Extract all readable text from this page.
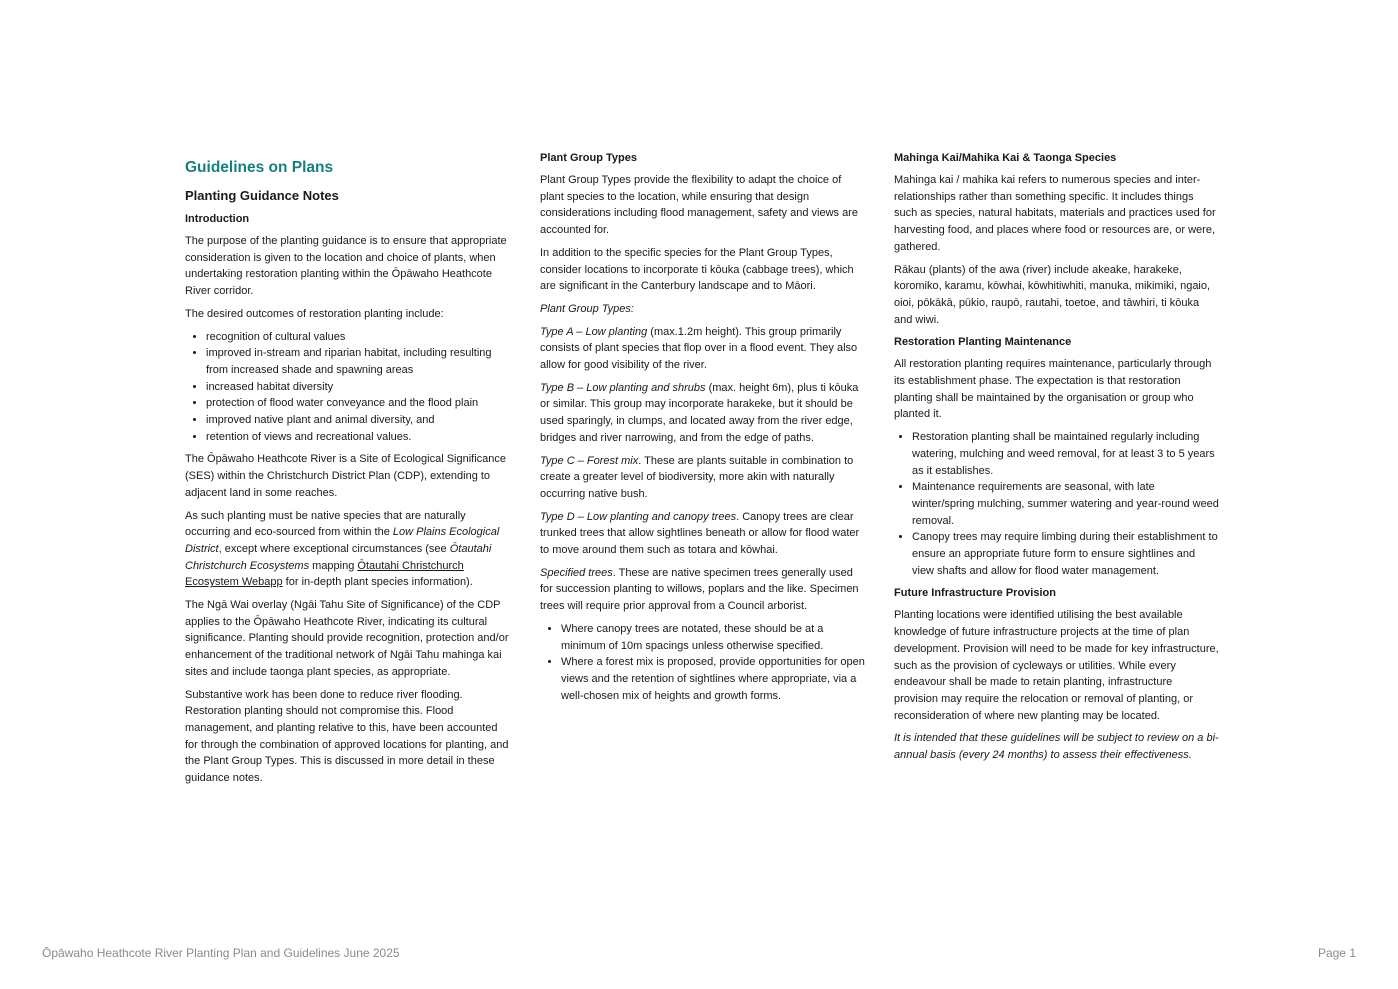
Guidelines on Plans
Planting Guidance Notes
Introduction

The purpose of the planting guidance is to ensure that appropriate consideration is given to the location and choice of plants, when undertaking restoration planting within the Ōpāwaho Heathcote River corridor.

The desired outcomes of restoration planting include:

• recognition of cultural values
• improved in-stream and riparian habitat, including resulting from increased shade and spawning areas
• increased habitat diversity
• protection of flood water conveyance and the flood plain
• improved native plant and animal diversity, and
• retention of views and recreational values.

The Ōpāwaho Heathcote River is a Site of Ecological Significance (SES) within the Christchurch District Plan (CDP), extending to adjacent land in some reaches.

As such planting must be native species that are naturally occurring and eco-sourced from within the Low Plains Ecological District, except where exceptional circumstances (see Ōtautahi Christchurch Ecosystems mapping Ōtautahi Christchurch Ecosystem Webapp for in-depth plant species information).

The Ngā Wai overlay (Ngāi Tahu Site of Significance) of the CDP applies to the Ōpāwaho Heathcote River, indicating its cultural significance. Planting should provide recognition, protection and/or enhancement of the traditional network of Ngāi Tahu mahinga kai sites and include taonga plant species, as appropriate.

Substantive work has been done to reduce river flooding. Restoration planting should not compromise this. Flood management, and planting relative to this, have been accounted for through the combination of approved locations for planting, and the Plant Group Types. This is discussed in more detail in these guidance notes.

Plant Group Types

Plant Group Types provide the flexibility to adapt the choice of plant species to the location, while ensuring that design considerations including flood management, safety and views are accounted for.

In addition to the specific species for the Plant Group Types, consider locations to incorporate ti kōuka (cabbage trees), which are significant in the Canterbury landscape and to Māori.

Plant Group Types:

Type A – Low planting (max.1.2m height). This group primarily consists of plant species that flop over in a flood event. They also allow for good visibility of the river.

Type B – Low planting and shrubs (max. height 6m), plus ti kōuka or similar. This group may incorporate harakeke, but it should be used sparingly, in clumps, and located away from the river edge, bridges and river narrowing, and from the edge of paths.

Type C – Forest mix. These are plants suitable in combination to create a greater level of biodiversity, more akin with naturally occurring native bush.

Type D – Low planting and canopy trees. Canopy trees are clear trunked trees that allow sightlines beneath or allow for flood water to move around them such as totara and kōwhai.

Specified trees. These are native specimen trees generally used for succession planting to willows, poplars and the like. Specimen trees will require prior approval from a Council arborist.

• Where canopy trees are notated, these should be at a minimum of 10m spacings unless otherwise specified.
• Where a forest mix is proposed, provide opportunities for open views and the retention of sightlines where appropriate, via a well-chosen mix of heights and growth forms.
Mahinga Kai/Mahika Kai & Taonga Species

Mahinga kai / mahika kai refers to numerous species and inter-relationships rather than something specific. It includes things such as species, natural habitats, materials and practices used for harvesting food, and places where food or resources are, or were, gathered.

Rākau (plants) of the awa (river) include akeake, harakeke, koromiko, karamu, kōwhai, kōwhitiwhiti, manuka, mikimiki, ngaio, oioi, pōkākā, pūkio, raupō, rautahi, toetoe, and tāwhiri, ti kōuka and wiwi.

Restoration Planting Maintenance

All restoration planting requires maintenance, particularly through its establishment phase. The expectation is that restoration planting shall be maintained by the organisation or group who planted it.

• Restoration planting shall be maintained regularly including watering, mulching and weed removal, for at least 3 to 5 years as it establishes.
• Maintenance requirements are seasonal, with late winter/spring mulching, summer watering and year-round weed removal.
• Canopy trees may require limbing during their establishment to ensure an appropriate future form to ensure sightlines and view shafts and allow for flood water management.
Future Infrastructure Provision

Planting locations were identified utilising the best available knowledge of future infrastructure projects at the time of plan development. Provision will need to be made for key infrastructure, such as the provision of cycleways or utilities. While every endeavour shall be made to retain planting, infrastructure provision may require the relocation or removal of planting, or reconsideration of where new planting may be located.

It is intended that these guidelines will be subject to review on a bi-annual basis (every 24 months) to assess their effectiveness.

Ōpāwaho Heathcote River Planting Plan and Guidelines June 2025	Page 1
